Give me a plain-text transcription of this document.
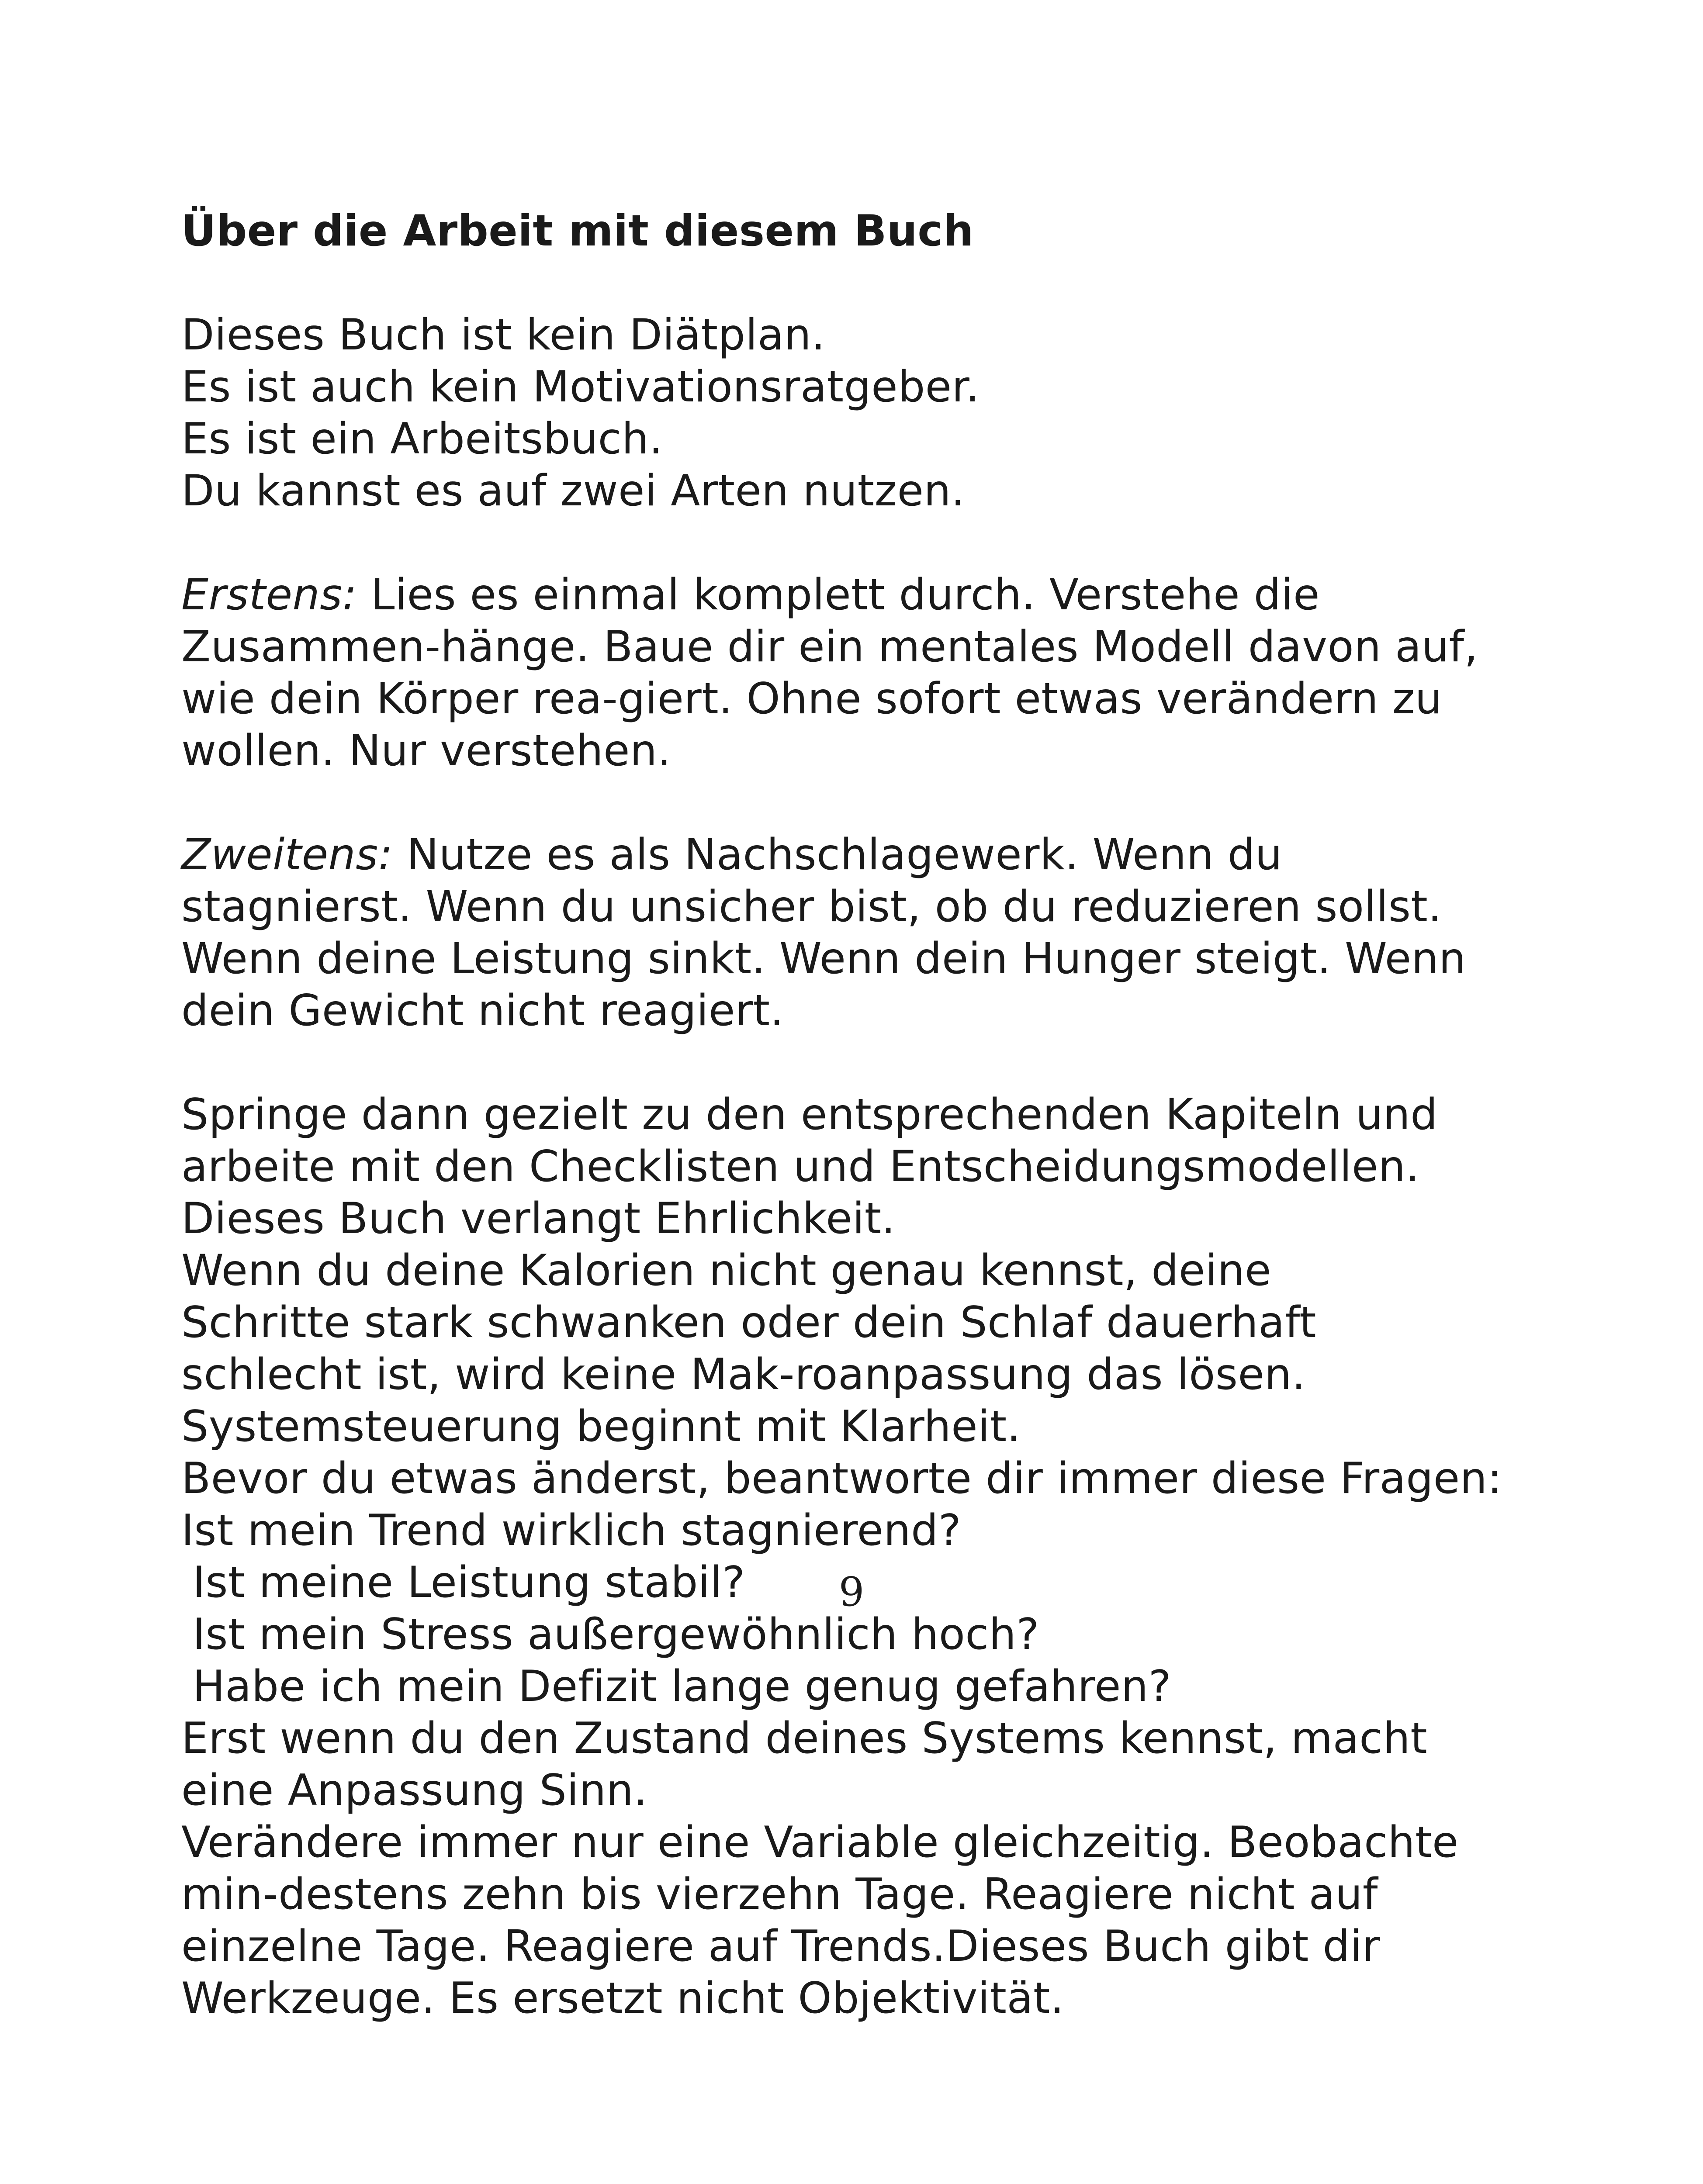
Über die Arbeit mit diesem Buch
Dieses Buch ist kein Diätplan.
Es ist auch kein Motivationsratgeber.
Es ist ein Arbeitsbuch.
Du kannst es auf zwei Arten nutzen.
Erstens: Lies es einmal komplett durch. Verstehe die
Zusammen-hänge. Baue dir ein mentales Modell davon auf,
wie dein Körper rea-giert. Ohne sofort etwas verändern zu
wollen. Nur verstehen.
Zweitens: Nutze es als Nachschlagewerk. Wenn du
stagnierst. Wenn du unsicher bist, ob du reduzieren sollst.
Wenn deine Leistung sinkt. Wenn dein Hunger steigt. Wenn
dein Gewicht nicht reagiert.
Springe dann gezielt zu den entsprechenden Kapiteln und
arbeite mit den Checklisten und Entscheidungsmodellen.
Dieses Buch verlangt Ehrlichkeit.
Wenn du deine Kalorien nicht genau kennst, deine
Schritte stark schwanken oder dein Schlaf dauerhaft
schlecht ist, wird keine Mak-roanpassung das lösen.
Systemsteuerung beginnt mit Klarheit.
Bevor du etwas änderst, beantworte dir immer diese Fragen:
Ist mein Trend wirklich stagnierend?
Ist meine Leistung stabil?
Ist mein Stress außergewöhnlich hoch?
Habe ich mein Defizit lange genug gefahren?
Erst wenn du den Zustand deines Systems kennst, macht
eine Anpassung Sinn.
Verändere immer nur eine Variable gleichzeitig. Beobachte
min-destens zehn bis vierzehn Tage. Reagiere nicht auf
einzelne Tage. Reagiere auf Trends.Dieses Buch gibt dir
Werkzeuge. Es ersetzt nicht Objektivität.
9
